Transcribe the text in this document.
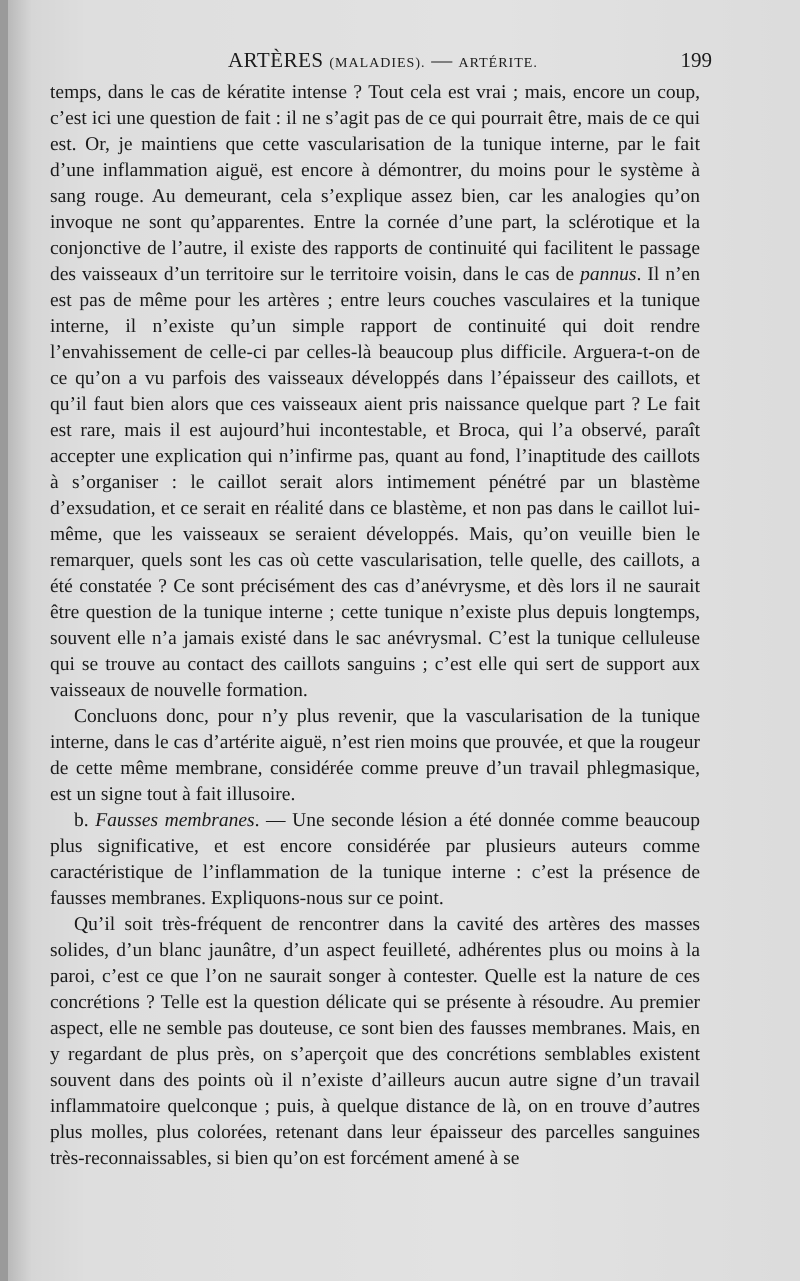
ARTÈRES (MALADIES). — ARTÉRITE.	199

temps, dans le cas de kératite intense ? Tout cela est vrai ; mais, encore un coup, c’est ici une question de fait : il ne s’agit pas de ce qui pourrait être, mais de ce qui est. Or, je maintiens que cette vascularisation de la tunique interne, par le fait d’une inflammation aiguë, est encore à démontrer, du moins pour le système à sang rouge. Au demeurant, cela s’explique assez bien, car les analogies qu’on invoque ne sont qu’apparentes. Entre la cornée d’une part, la sclérotique et la conjonctive de l’autre, il existe des rapports de continuité qui facilitent le passage des vaisseaux d’un territoire sur le territoire voisin, dans le cas de pannus. Il n’en est pas de même pour les artères ; entre leurs couches vasculaires et la tunique interne, il n’existe qu’un simple rapport de continuité qui doit rendre l’envahissement de celle-ci par celles-là beaucoup plus difficile. Arguera-t-on de ce qu’on a vu parfois des vaisseaux développés dans l’épaisseur des caillots, et qu’il faut bien alors que ces vaisseaux aient pris naissance quelque part ? Le fait est rare, mais il est aujourd’hui incontestable, et Broca, qui l’a observé, paraît accepter une explication qui n’infirme pas, quant au fond, l’inaptitude des caillots à s’organiser : le caillot serait alors intimement pénétré par un blastème d’exsudation, et ce serait en réalité dans ce blastème, et non pas dans le caillot lui-même, que les vaisseaux se seraient développés. Mais, qu’on veuille bien le remarquer, quels sont les cas où cette vascularisation, telle quelle, des caillots, a été constatée ? Ce sont précisément des cas d’anévrysme, et dès lors il ne saurait être question de la tunique interne ; cette tunique n’existe plus depuis longtemps, souvent elle n’a jamais existé dans le sac anévrysmal. C’est la tunique celluleuse qui se trouve au contact des caillots sanguins ; c’est elle qui sert de support aux vaisseaux de nouvelle formation.

Concluons donc, pour n’y plus revenir, que la vascularisation de la tunique interne, dans le cas d’artérite aiguë, n’est rien moins que prouvée, et que la rougeur de cette même membrane, considérée comme preuve d’un travail phlegmasique, est un signe tout à fait illusoire.

b. Fausses membranes. — Une seconde lésion a été donnée comme beaucoup plus significative, et est encore considérée par plusieurs auteurs comme caractéristique de l’inflammation de la tunique interne : c’est la présence de fausses membranes. Expliquons-nous sur ce point.

Qu’il soit très-fréquent de rencontrer dans la cavité des artères des masses solides, d’un blanc jaunâtre, d’un aspect feuilleté, adhérentes plus ou moins à la paroi, c’est ce que l’on ne saurait songer à contester. Quelle est la nature de ces concrétions ? Telle est la question délicate qui se présente à résoudre. Au premier aspect, elle ne semble pas douteuse, ce sont bien des fausses membranes. Mais, en y regardant de plus près, on s’aperçoit que des concrétions semblables existent souvent dans des points où il n’existe d’ailleurs aucun autre signe d’un travail inflammatoire quelconque ; puis, à quelque distance de là, on en trouve d’autres plus molles, plus colorées, retenant dans leur épaisseur des parcelles sanguines très-reconnaissables, si bien qu’on est forcément amené à se
